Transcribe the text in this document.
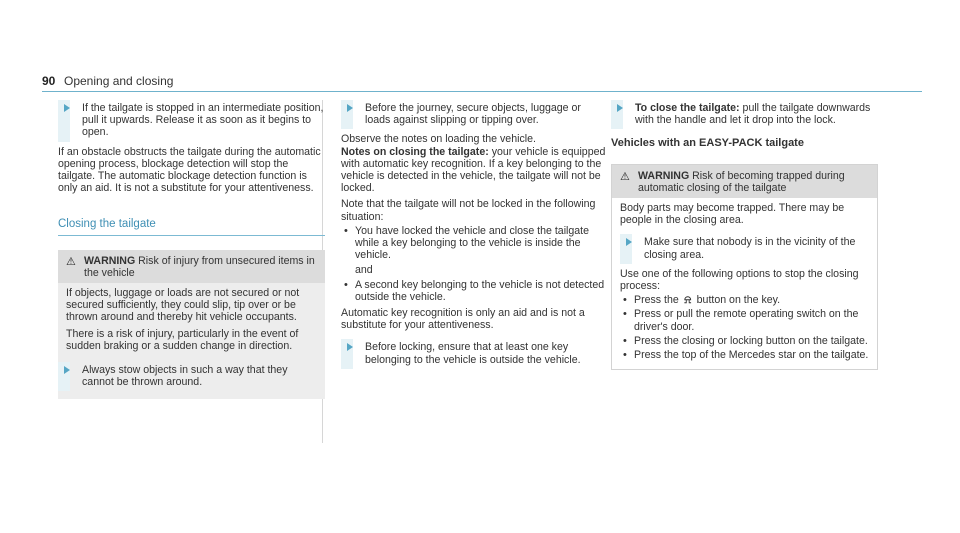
90 Opening and closing
If the tailgate is stopped in an intermediate position, pull it upwards. Release it as soon as it begins to open.

If an obstacle obstructs the tailgate during the automatic opening process, blockage detection will stop the tailgate. The automatic blockage detection function is only an aid. It is not a substitute for your attentiveness.

Closing the tailgate
⚠ WARNING Risk of injury from unsecured items in the vehicle

If objects, luggage or loads are not secured or not secured sufficiently, they could slip, tip over or be thrown around and thereby hit vehicle occupants.

There is a risk of injury, particularly in the event of sudden braking or a sudden change in direction.

Always stow objects in such a way that they cannot be thrown around.
Before the journey, secure objects, luggage or loads against slipping or tipping over.

Observe the notes on loading the vehicle.

Notes on closing the tailgate: your vehicle is equipped with automatic key recognition. If a key belonging to the vehicle is detected in the vehicle, the tailgate will not be locked.

Note that the tailgate will not be locked in the following situation:

• You have locked the vehicle and close the tailgate while a key belonging to the vehicle is inside the vehicle.

and

• A second key belonging to the vehicle is not detected outside the vehicle.

Automatic key recognition is only an aid and is not a substitute for your attentiveness.

Before locking, ensure that at least one key belonging to the vehicle is outside the vehicle.
To close the tailgate: pull the tailgate downwards with the handle and let it drop into the lock.

Vehicles with an EASY-PACK tailgate

⚠ WARNING Risk of becoming trapped during automatic closing of the tailgate

Body parts may become trapped. There may be people in the closing area.

Make sure that nobody is in the vicinity of the closing area.

Use one of the following options to stop the closing process:

• Press the ⍾ button on the key.
• Press or pull the remote operating switch on the driver's door.
• Press the closing or locking button on the tailgate.
• Press the top of the Mercedes star on the tailgate.
